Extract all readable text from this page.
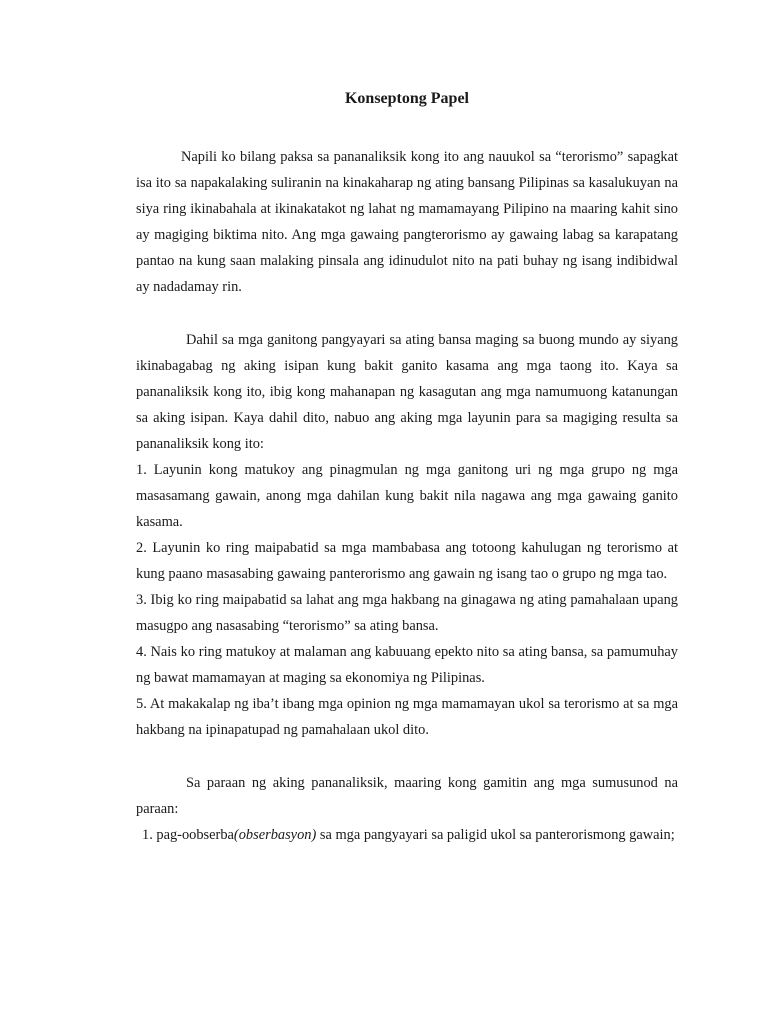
Konseptong Papel

Napili ko bilang paksa sa pananaliksik kong ito ang nauukol sa “terorismo” sapagkat isa ito sa napakalaking suliranin na kinakaharap ng ating bansang Pilipinas sa kasalukuyan na siya ring ikinabahala at ikinakatakot ng lahat ng mamamayang Pilipino na maaring kahit sino ay magiging biktima nito. Ang mga gawaing pangterorismo ay gawaing labag sa karapatang pantao na kung saan malaking pinsala ang idinudulot nito na pati buhay ng isang indibidwal ay nadadamay rin.

Dahil sa mga ganitong pangyayari sa ating bansa maging sa buong mundo ay siyang ikinabagabag ng aking isipan kung bakit ganito kasama ang mga taong ito. Kaya sa pananaliksik kong ito, ibig kong mahanapan ng kasagutan ang mga namumuong katanungan sa aking isipan. Kaya dahil dito, nabuo ang aking mga layunin para sa magiging resulta sa pananaliksik kong ito:

1. Layunin kong matukoy ang pinagmulan ng mga ganitong uri ng mga grupo ng mga masasamang gawain, anong mga dahilan kung bakit nila nagawa ang mga gawaing ganito kasama.

2. Layunin ko ring maipabatid sa mga mambabasa ang totoong kahulugan ng terorismo at kung paano masasabing gawaing panterorismo ang gawain ng isang tao o grupo ng mga tao.

3. Ibig ko ring maipabatid sa lahat ang mga hakbang na ginagawa ng ating pamahalaan upang masugpo ang nasasabing “terorismo” sa ating bansa.

4. Nais ko ring matukoy at malaman ang kabuuang epekto nito sa ating bansa, sa pamumuhay ng bawat mamamayan at maging sa ekonomiya ng Pilipinas.

5. At makakalap ng iba’t ibang mga opinion ng mga mamamayan ukol sa terorismo at sa mga hakbang na ipinapatupad ng pamahalaan ukol dito.

Sa paraan ng aking pananaliksik, maaring kong gamitin ang mga sumusunod na paraan:

1. pag-oobserba(obserbasyon) sa mga pangyayari sa paligid ukol sa panterorismong gawain;
